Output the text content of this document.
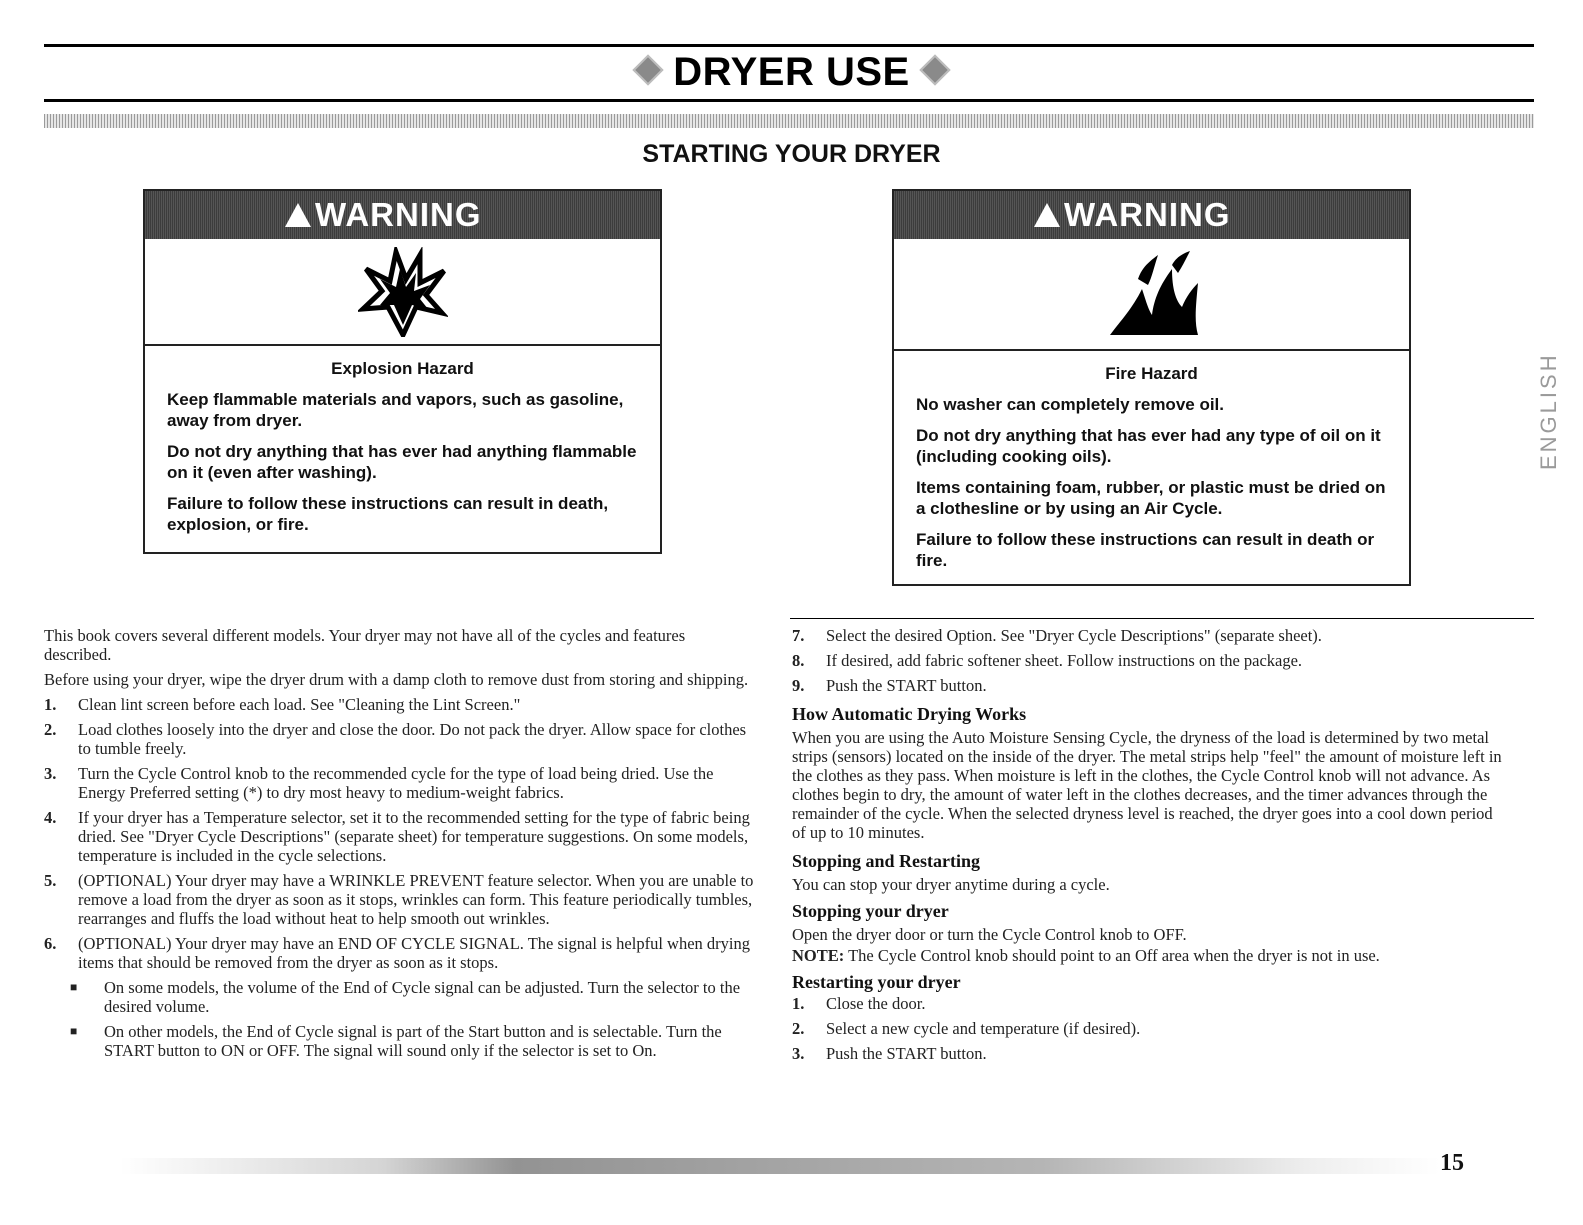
DRYER USE
STARTING YOUR DRYER
WARNING
Explosion Hazard

Keep flammable materials and vapors, such as gasoline, away from dryer.

Do not dry anything that has ever had anything flammable on it (even after washing).

Failure to follow these instructions can result in death, explosion, or fire.

WARNING
Fire Hazard

No washer can completely remove oil.

Do not dry anything that has ever had any type of oil on it (including cooking oils).

Items containing foam, rubber, or plastic must be dried on a clothesline or by using an Air Cycle.

Failure to follow these instructions can result in death or fire.

ENGLISH

This book covers several different models. Your dryer may not have all of the cycles and features described.

Before using your dryer, wipe the dryer drum with a damp cloth to remove dust from storing and shipping.

1. Clean lint screen before each load. See "Cleaning the Lint Screen."
2. Load clothes loosely into the dryer and close the door. Do not pack the dryer. Allow space for clothes to tumble freely.
3. Turn the Cycle Control knob to the recommended cycle for the type of load being dried. Use the Energy Preferred setting (*) to dry most heavy to medium-weight fabrics.
4. If your dryer has a Temperature selector, set it to the recommended setting for the type of fabric being dried. See "Dryer Cycle Descriptions" (separate sheet) for temperature suggestions. On some models, temperature is included in the cycle selections.
5. (OPTIONAL) Your dryer may have a WRINKLE PREVENT feature selector. When you are unable to remove a load from the dryer as soon as it stops, wrinkles can form. This feature periodically tumbles, rearranges and fluffs the load without heat to help smooth out wrinkles.
6. (OPTIONAL) Your dryer may have an END OF CYCLE SIGNAL. The signal is helpful when drying items that should be removed from the dryer as soon as it stops.
■ On some models, the volume of the End of Cycle signal can be adjusted. Turn the selector to the desired volume.
■ On other models, the End of Cycle signal is part of the Start button and is selectable. Turn the START button to ON or OFF. The signal will sound only if the selector is set to On.
7. Select the desired Option. See "Dryer Cycle Descriptions" (separate sheet).
8. If desired, add fabric softener sheet. Follow instructions on the package.
9. Push the START button.
How Automatic Drying Works

When you are using the Auto Moisture Sensing Cycle, the dryness of the load is determined by two metal strips (sensors) located on the inside of the dryer. The metal strips help "feel" the amount of moisture left in the clothes as they pass. When moisture is left in the clothes, the Cycle Control knob will not advance. As clothes begin to dry, the amount of water left in the clothes decreases, and the timer advances through the remainder of the cycle. When the selected dryness level is reached, the dryer goes into a cool down period of up to 10 minutes.

Stopping and Restarting

You can stop your dryer anytime during a cycle.

Stopping your dryer

Open the dryer door or turn the Cycle Control knob to OFF.

NOTE: The Cycle Control knob should point to an Off area when the dryer is not in use.

Restarting your dryer
1. Close the door.
2. Select a new cycle and temperature (if desired).
3. Push the START button.
15
